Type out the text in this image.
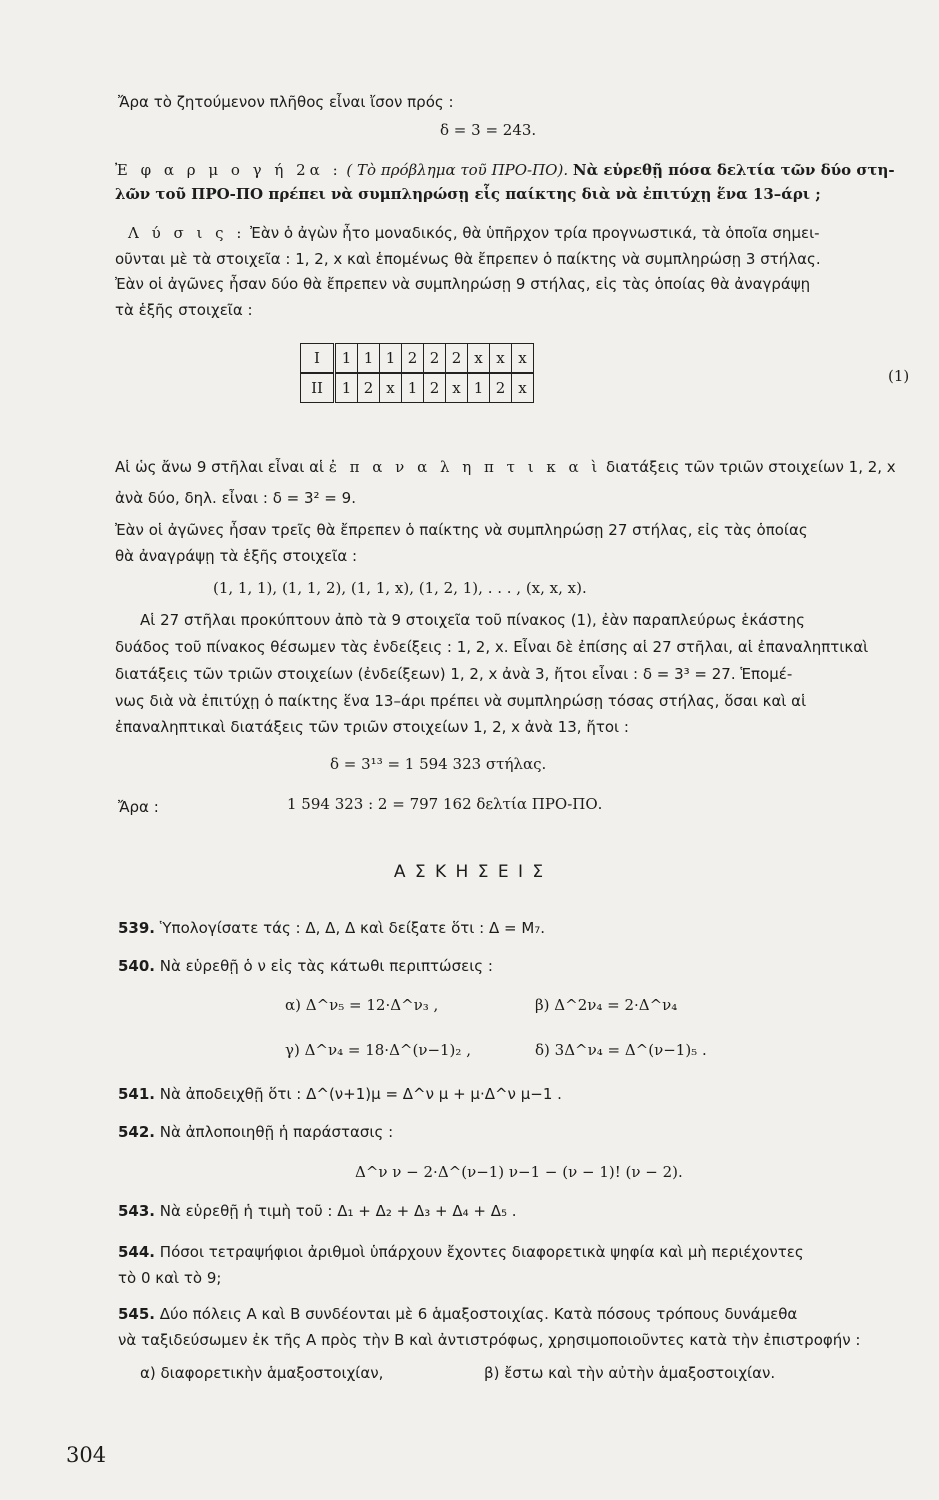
Ἄρα τὸ ζητούμενον πλῆθος εἶναι ἴσον πρός :
δ = 3 = 243.
Ἐ φ α ρ μ ο γ ή 2α : ( Τὸ πρόβλημα τοῦ ΠΡΟ-ΠΟ). Νὰ εὑρεθῇ πόσα δελτία τῶν δύο στη-
λῶν τοῦ ΠΡΟ-ΠΟ πρέπει νὰ συμπληρώσῃ εἷς παίκτης διὰ νὰ ἐπιτύχῃ ἕνα 13–άρι ;
Λ ύ σ ι ς : Ἐὰν ὁ ἀγὼν ἦτο μοναδικός, θὰ ὑπῆρχον τρία προγνωστικά, τὰ ὁποῖα σημει-
οῦνται μὲ τὰ στοιχεῖα : 1, 2, x καὶ ἑπομένως θὰ ἔπρεπεν ὁ παίκτης νὰ συμπληρώσῃ 3 στήλας.
Ἐὰν οἱ ἀγῶνες ἦσαν δύο θὰ ἔπρεπεν νὰ συμπληρώσῃ 9 στήλας, εἰς τὰς ὁποίας θὰ ἀναγράψῃ
τὰ ἑξῆς στοιχεῖα :
I	1	1	1	2	2	2	x	x	x
II	1	2	x	1	2	x	1	2	x
(1)
Αἱ ὡς ἄνω 9 στῆλαι εἶναι αἱ ἐ π α ν α λ η π τ ι κ α ὶ διατάξεις τῶν τριῶν στοιχείων 1, 2, x
ἀνὰ δύο, δηλ. εἶναι : δ = 3² = 9.
Ἐὰν οἱ ἀγῶνες ἦσαν τρεῖς θὰ ἔπρεπεν ὁ παίκτης νὰ συμπληρώσῃ 27 στήλας, εἰς τὰς ὁποίας
θὰ ἀναγράψῃ τὰ ἑξῆς στοιχεῖα :
(1, 1, 1), (1, 1, 2), (1, 1, x), (1, 2, 1), . . . , (x, x, x).
Αἱ 27 στῆλαι προκύπτουν ἀπὸ τὰ 9 στοιχεῖα τοῦ πίνακος (1), ἐὰν παραπλεύρως ἑκάστης
δυάδος τοῦ πίνακος θέσωμεν τὰς ἐνδείξεις : 1, 2, x. Εἶναι δὲ ἐπίσης αἱ 27 στῆλαι, αἱ ἐπαναληπτικαὶ
διατάξεις τῶν τριῶν στοιχείων (ἐνδείξεων) 1, 2, x ἀνὰ 3, ἤτοι εἶναι : δ = 3³ = 27. Ἑπομέ-
νως διὰ νὰ ἐπιτύχῃ ὁ παίκτης ἕνα 13–άρι πρέπει νὰ συμπληρώσῃ τόσας στήλας, ὅσαι καὶ αἱ
ἐπαναληπτικαὶ διατάξεις τῶν τριῶν στοιχείων 1, 2, x ἀνὰ 13, ἤτοι :
δ = 3¹³ = 1 594 323 στήλας.
Ἄρα :	1 594 323 : 2 = 797 162 δελτία ΠΡΟ-ΠΟ.
Α Σ Κ Η Σ Ε Ι Σ
539. Ὑπολογίσατε τάς : Δ, Δ, Δ καὶ δείξατε ὅτι : Δ = Μ₇.
540. Νὰ εὑρεθῇ ὁ ν εἰς τὰς κάτωθι περιπτώσεις :
α) Δ^ν₅ = 12·Δ^ν₃ ,	β) Δ^2ν₄ = 2·Δ^ν₄
γ) Δ^ν₄ = 18·Δ^(ν−1)₂ ,	δ) 3Δ^ν₄ = Δ^(ν−1)₅ .
541. Νὰ ἀποδειχθῇ ὅτι : Δ^(ν+1)μ = Δ^ν μ + μ·Δ^ν μ−1 .
542. Νὰ ἀπλοποιηθῇ ἡ παράστασις :
Δ^ν ν − 2·Δ^(ν−1) ν−1 − (ν − 1)! (ν − 2).
543. Νὰ εὑρεθῇ ἡ τιμὴ τοῦ : Δ₁ + Δ₂ + Δ₃ + Δ₄ + Δ₅ .
544. Πόσοι τετραψήφιοι ἀριθμοὶ ὑπάρχουν ἔχοντες διαφορετικὰ ψηφία καὶ μὴ περιέχοντες
τὸ 0 καὶ τὸ 9;
545. Δύο πόλεις Α καὶ Β συνδέονται μὲ 6 ἁμαξοστοιχίας. Κατὰ πόσους τρόπους δυνάμεθα
νὰ ταξιδεύσωμεν ἐκ τῆς Α πρὸς τὴν Β καὶ ἀντιστρόφως, χρησιμοποιοῦντες κατὰ τὴν ἐπιστροφήν :
α) διαφορετικὴν ἁμαξοστοιχίαν,	β) ἔστω καὶ τὴν αὐτὴν ἁμαξοστοιχίαν.
304
